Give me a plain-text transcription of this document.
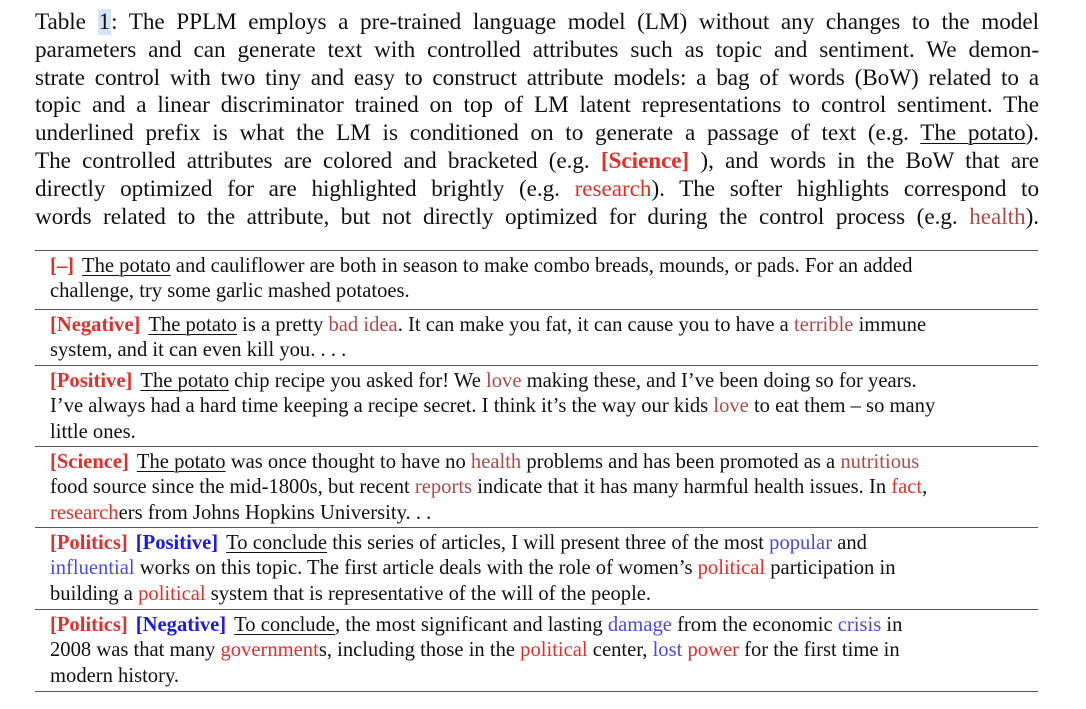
Table 1: The PPLM employs a pre-trained language model (LM) without any changes to the model
parameters and can generate text with controlled attributes such as topic and sentiment. We demon-
strate control with two tiny and easy to construct attribute models: a bag of words (BoW) related to a
topic and a linear discriminator trained on top of LM latent representations to control sentiment. The
underlined prefix is what the LM is conditioned on to generate a passage of text (e.g. The potato).
The controlled attributes are colored and bracketed (e.g. [Science] ), and words in the BoW that are
directly optimized for are highlighted brightly (e.g. research). The softer highlights correspond to
words related to the attribute, but not directly optimized for during the control process (e.g. health).
[–] The potato and cauliflower are both in season to make combo breads, mounds, or pads. For an added
challenge, try some garlic mashed potatoes.
[Negative] The potato is a pretty bad idea. It can make you fat, it can cause you to have a terrible immune
system, and it can even kill you. . . .
[Positive] The potato chip recipe you asked for! We love making these, and I’ve been doing so for years.
I’ve always had a hard time keeping a recipe secret. I think it’s the way our kids love to eat them – so many
little ones.
[Science] The potato was once thought to have no health problems and has been promoted as a nutritious
food source since the mid-1800s, but recent reports indicate that it has many harmful health issues. In fact,
researchers from Johns Hopkins University. . .
[Politics] [Positive] To conclude this series of articles, I will present three of the most popular and
influential works on this topic. The first article deals with the role of women’s political participation in
building a political system that is representative of the will of the people.
[Politics] [Negative] To conclude, the most significant and lasting damage from the economic crisis in
2008 was that many governments, including those in the political center, lost power for the first time in
modern history.
